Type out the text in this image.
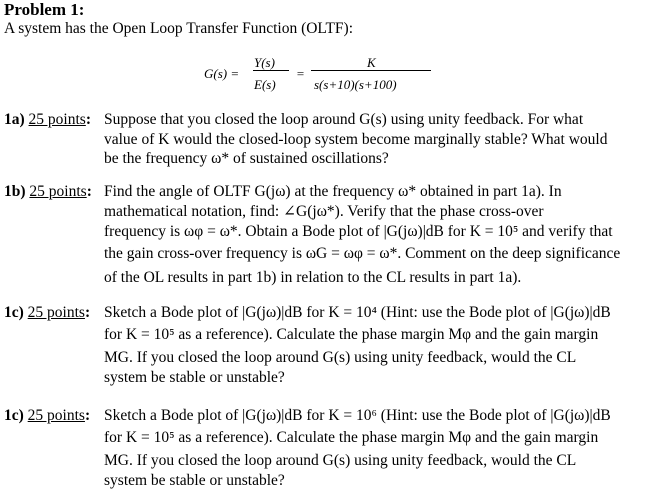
Problem 1:
A system has the Open Loop Transfer Function (OLTF):
G(s) =
Y(s)
E(s)
=
K
s(s+10)(s+100)
1a) 25 points: Suppose that you closed the loop around G(s) using unity feedback. For what
value of K would the closed-loop system become marginally stable? What would
be the frequency ω* of sustained oscillations?
1b) 25 points: Find the angle of OLTF G(jω) at the frequency ω* obtained in part 1a). In
mathematical notation, find: ∠G(jω*). Verify that the phase cross-over
frequency is ωφ = ω*. Obtain a Bode plot of |G(jω)|dB for K = 10⁵ and verify that
the gain cross-over frequency is ωG = ωφ = ω*. Comment on the deep significance
of the OL results in part 1b) in relation to the CL results in part 1a).
1c) 25 points: Sketch a Bode plot of |G(jω)|dB for K = 10⁴ (Hint: use the Bode plot of |G(jω)|dB
for K = 10⁵ as a reference). Calculate the phase margin Mφ and the gain margin
MG. If you closed the loop around G(s) using unity feedback, would the CL
system be stable or unstable?
1c) 25 points: Sketch a Bode plot of |G(jω)|dB for K = 10⁶ (Hint: use the Bode plot of |G(jω)|dB
for K = 10⁵ as a reference). Calculate the phase margin Mφ and the gain margin
MG. If you closed the loop around G(s) using unity feedback, would the CL
system be stable or unstable?
